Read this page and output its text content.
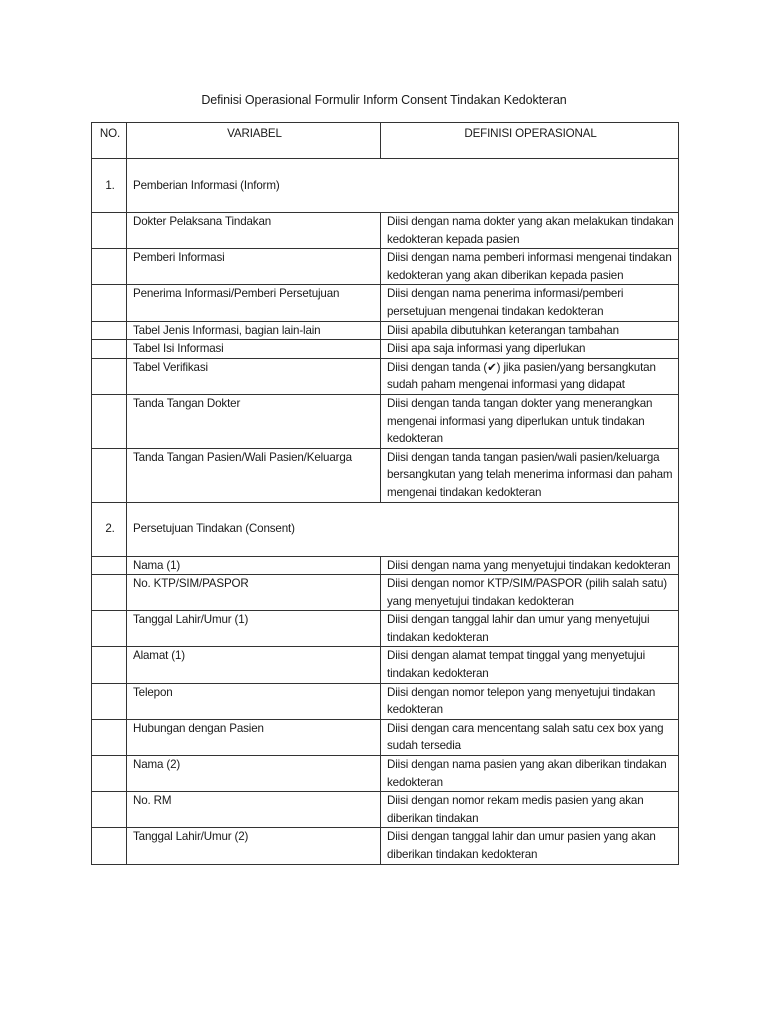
Definisi Operasional Formulir Inform Consent Tindakan Kedokteran
NO.	VARIABEL	DEFINISI OPERASIONAL
1.	Pemberian Informasi (Inform)	
	Dokter Pelaksana Tindakan	Diisi dengan nama dokter yang akan melakukan tindakan kedokteran kepada pasien
	Pemberi Informasi	Diisi dengan nama pemberi informasi mengenai tindakan kedokteran yang akan diberikan kepada pasien
	Penerima Informasi/Pemberi Persetujuan	Diisi dengan nama penerima informasi/pemberi persetujuan mengenai tindakan kedokteran
	Tabel Jenis Informasi, bagian lain-lain	Diisi apabila dibutuhkan keterangan tambahan
	Tabel Isi Informasi	Diisi apa saja informasi yang diperlukan
	Tabel Verifikasi	Diisi dengan tanda (✔) jika pasien/yang bersangkutan sudah paham mengenai informasi yang didapat
	Tanda Tangan Dokter	Diisi dengan tanda tangan dokter yang menerangkan mengenai informasi yang diperlukan untuk tindakan kedokteran
	Tanda Tangan Pasien/Wali Pasien/Keluarga	Diisi dengan tanda tangan pasien/wali pasien/keluarga bersangkutan yang telah menerima informasi dan paham mengenai tindakan kedokteran
2.	Persetujuan Tindakan (Consent)	
	Nama (1)	Diisi dengan nama yang menyetujui tindakan kedokteran
	No. KTP/SIM/PASPOR	Diisi dengan nomor KTP/SIM/PASPOR (pilih salah satu) yang menyetujui tindakan kedokteran
	Tanggal Lahir/Umur (1)	Diisi dengan tanggal lahir dan umur yang menyetujui tindakan kedokteran
	Alamat (1)	Diisi dengan alamat tempat tinggal yang menyetujui tindakan kedokteran
	Telepon	Diisi dengan nomor telepon yang menyetujui tindakan kedokteran
	Hubungan dengan Pasien	Diisi dengan cara mencentang salah satu cex box yang sudah tersedia
	Nama (2)	Diisi dengan nama pasien yang akan diberikan tindakan kedokteran
	No. RM	Diisi dengan nomor rekam medis pasien yang akan diberikan tindakan
	Tanggal Lahir/Umur (2)	Diisi dengan tanggal lahir dan umur pasien yang akan diberikan tindakan kedokteran
